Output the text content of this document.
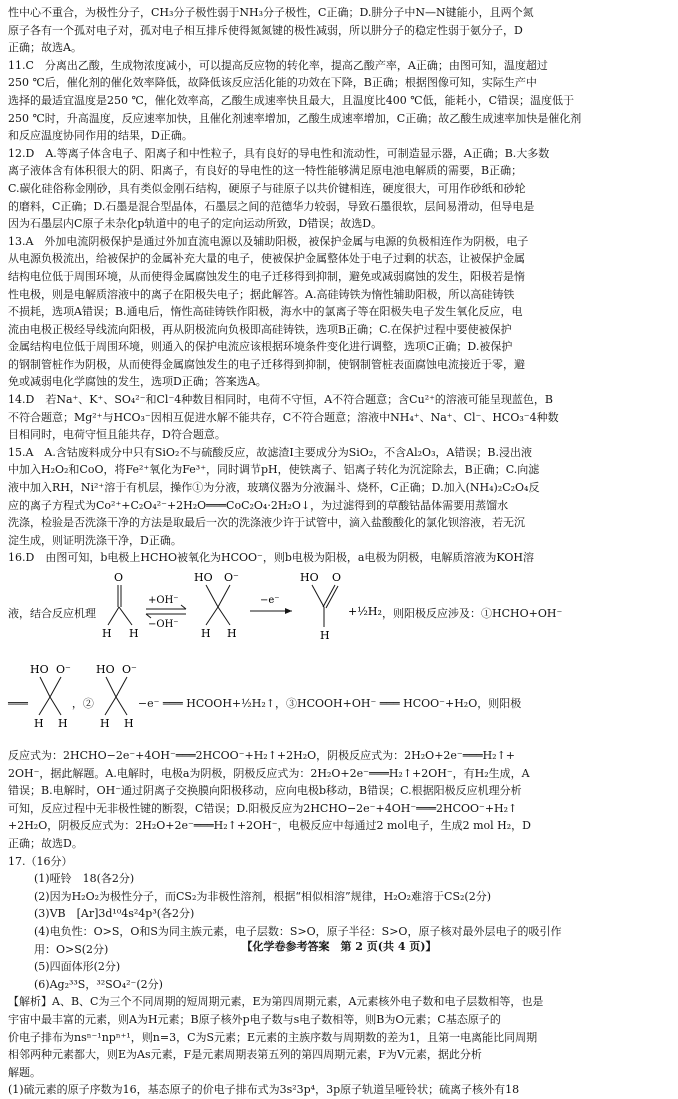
性中心不重合，为极性分子，CH₃分子极性弱于NH₃分子极性，C正确；D.肼分子中N—N键能小，且两个氮

原子各有一个孤对电子对，孤对电子相互排斥使得氮氮键的极性减弱，所以肼分子的稳定性弱于氨分子，D

正确；故选A。

11.C　分离出乙酸，生成物浓度减小，可以提高反应物的转化率，提高乙酸产率，A正确；由图可知，温度超过

250 ℃后，催化剂的催化效率降低，故降低该反应活化能的功效在下降，B正确；根据图像可知，实际生产中

选择的最适宜温度是250 ℃，催化效率高，乙酸生成速率快且最大，且温度比400 ℃低，能耗小，C错误；温度低于

250 ℃时，升高温度，反应速率加快，且催化剂速率增加，乙酸生成速率增加，C正确；故乙酸生成速率加快是催化剂

和反应温度协同作用的结果，D正确。

12.D　A.等离子体含电子、阳离子和中性粒子，具有良好的导电性和流动性，可制造显示器，A正确；B.大多数

离子液体含有体积很大的阴、阳离子，有良好的导电性的这一特性能够满足原电池电解质的需要，B正确；

C.碳化硅俗称金刚砂，具有类似金刚石结构，硬原子与硅原子以共价键相连，硬度很大，可用作砂纸和砂轮

的磨料，C正确；D.石墨是混合型晶体，石墨层之间的范德华力较弱，导致石墨很软，层间易滑动，但导电是

因为石墨层内C原子未杂化p轨道中的电子的定向运动所致，D错误；故选D。

13.A　外加电流阴极保护是通过外加直流电源以及辅助阳极，被保护金属与电源的负极相连作为阴极，电子

从电源负极流出，给被保护的金属补充大量的电子，使被保护金属整体处于电子过剩的状态，让被保护金属

结构电位低于周围环境，从而使得金属腐蚀发生的电子迁移得到抑制，避免或减弱腐蚀的发生，阳极若是惰

性电极，则是电解质溶液中的离子在阳极失电子；据此解答。A.高硅铸铁为惰性辅助阳极，所以高硅铸铁

不损耗，选项A错误；B.通电后，惰性高硅铸铁作阳极，海水中的氯离子等在阳极失电子发生氧化反应，电

流由电极正极经导线流向阳极，再从阴极流向负极即高硅铸铁，选项B正确；C.在保护过程中要使被保护

金属结构电位低于周围环境，则通入的保护电流应该根据环境条件变化进行调整，选项C正确；D.被保护

的钢制管桩作为阴极，从而使得金属腐蚀发生的电子迁移得到抑制，使钢制管桩表面腐蚀电流接近于零，避

免或减弱电化学腐蚀的发生，选项D正确；答案选A。

14.D　若Na⁺、K⁺、SO₄²⁻和Cl⁻4种数目相同时，电荷不守恒，A不符合题意；含Cu²⁺的溶液可能呈现蓝色，B

不符合题意；Mg²⁺与HCO₃⁻因相互促进水解不能共存，C不符合题意；溶液中NH₄⁺、Na⁺、Cl⁻、HCO₃⁻4种数

目相同时，电荷守恒且能共存，D符合题意。

15.A　A.含钴废料成分中只有SiO₂不与硫酸反应，故滤渣Ⅰ主要成分为SiO₂，不含Al₂O₃，A错误；B.浸出液

中加入H₂O₂和CoO，将Fe²⁺氧化为Fe³⁺，同时调节pH，使铁离子、铝离子转化为沉淀除去，B正确；C.向滤

液中加入RH，Ni²⁺溶于有机层，操作①为分液，玻璃仪器为分液漏斗、烧杯，C正确；D.加入(NH₄)₂C₂O₄反

应的离子方程式为Co²⁺+C₂O₄²⁻+2H₂O═══CoC₂O₄·2H₂O↓，为过滤得到的草酸钴晶体需要用蒸馏水

洗涤，检验是否洗涤干净的方法是取最后一次的洗涤液少许于试管中，滴入盐酸酸化的氯化钡溶液，若无沉

淀生成，则证明洗涤干净，D正确。

16.D　由图可知，b电极上HCHO被氧化为HCOO⁻，则b电极为阳极，a电极为阴极，电解质溶液为KOH溶

液，结合反应机理
O
H H
+OH⁻
−OH⁻
HO O⁻
H H
−e⁻
HO O
H
+½H₂ ，则阳极反应涉及：①HCHO+OH⁻
═══
HO O⁻
H H
，②
HO O⁻
H H
−e⁻ ═══ HCOOH+½H₂↑，③HCOOH+OH⁻ ═══ HCOO⁻+H₂O，则阳极

反应式为：2HCHO−2e⁻+4OH⁻═══2HCOO⁻+H₂↑+2H₂O，阴极反应式为：2H₂O+2e⁻═══H₂↑+

2OH⁻，据此解题。A.电解时，电极a为阴极，阴极反应式为：2H₂O+2e⁻═══H₂↑+2OH⁻，有H₂生成，A

错误；B.电解时，OH⁻通过阴离子交换膜向阳极移动，应向电极b移动，B错误；C.根据阳极反应机理分析

可知，反应过程中无非极性键的断裂，C错误；D.阳极反应为2HCHO−2e⁻+4OH⁻═══2HCOO⁻+H₂↑

+2H₂O，阴极反应式为：2H₂O+2e⁻═══H₂↑+2OH⁻，电极反应中每通过2 mol电子，生成2 mol H₂，D

正确；故选D。

17.（16分）

(1)哑铃　18(各2分)

(2)因为H₂O₂为极性分子，而CS₂为非极性溶剂，根据“相似相溶”规律，H₂O₂难溶于CS₂(2分)

(3)VB　[Ar]3d¹⁰4s²4p³(各2分)

(4)电负性：O>S，O和S为同主族元素，电子层数：S>O，原子半径：S>O，原子核对最外层电子的吸引作

用：O>S(2分)

(5)四面体形(2分)

(6)Ag₂³³S，³²SO₄²⁻(2分)

【解析】A、B、C为三个不同周期的短周期元素，E为第四周期元素，A元素核外电子数和电子层数相等，也是

宇宙中最丰富的元素，则A为H元素；B原子核外p电子数与s电子数相等，则B为O元素；C基态原子的

价电子排布为nsⁿ⁻¹npⁿ⁺¹，则n=3，C为S元素；E元素的主族序数与周期数的差为1，且第一电离能比同周期

相邻两种元素都大，则E为As元素，F是元素周期表第五列的第四周期元素，F为V元素，据此分析

解题。

(1)硫元素的原子序数为16，基态原子的价电子排布式为3s²3p⁴，3p原子轨道呈哑铃状；硫离子核外有18

【化学卷参考答案　第 2 页(共 4 页)】
